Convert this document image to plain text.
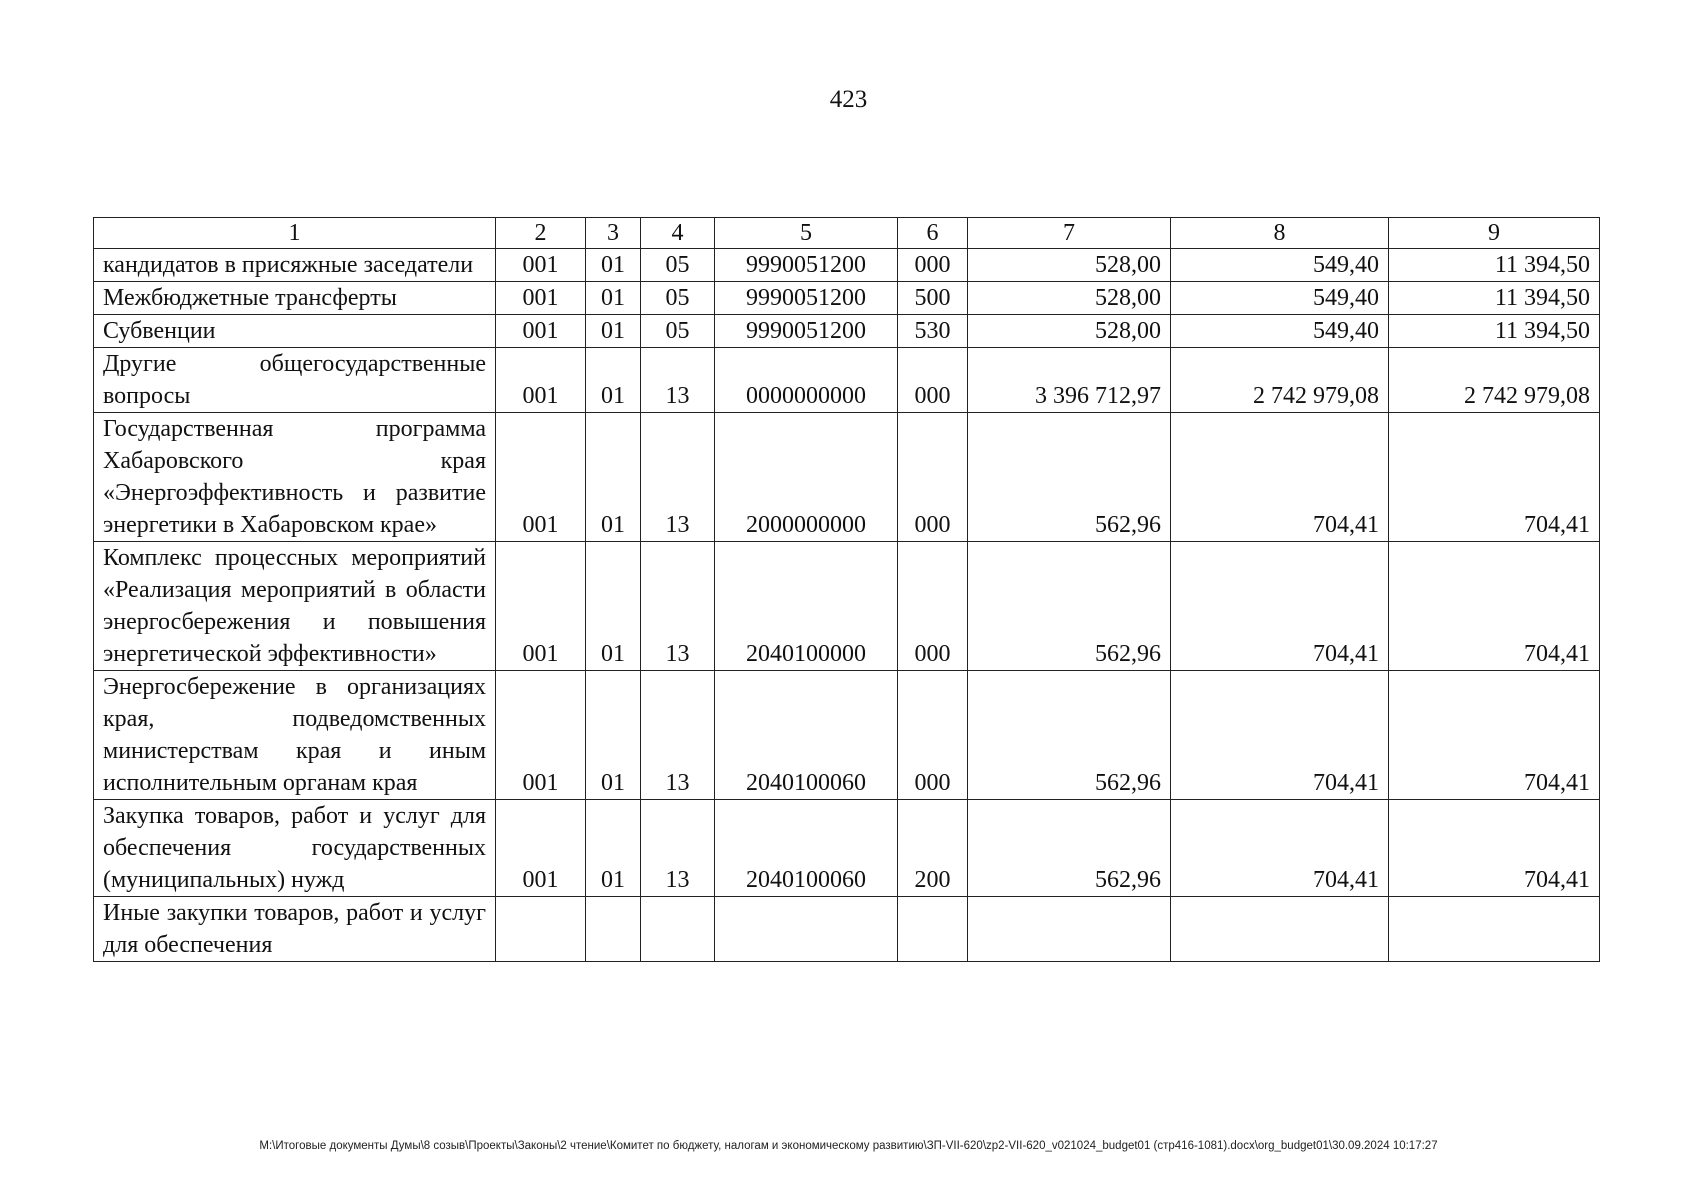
423
1	2	3	4	5	6	7	8	9
кандидатов в присяжные заседатели	001	01	05	9990051200	000	528,00	549,40	11 394,50
Межбюджетные трансферты	001	01	05	9990051200	500	528,00	549,40	11 394,50
Субвенции	001	01	05	9990051200	530	528,00	549,40	11 394,50
Другие общегосударственные вопросы	001	01	13	0000000000	000	3 396 712,97	2 742 979,08	2 742 979,08
Государственная программа Хабаровского края «Энергоэффективность и развитие энергетики в Хабаровском крае»	001	01	13	2000000000	000	562,96	704,41	704,41
Комплекс процессных мероприятий «Реализация мероприятий в области энергосбережения и повышения энергетической эффективности»	001	01	13	2040100000	000	562,96	704,41	704,41
Энергосбережение в организациях края, подведомственных министерствам края и иным исполнительным органам края	001	01	13	2040100060	000	562,96	704,41	704,41
Закупка товаров, работ и услуг для обеспечения государственных (муниципальных) нужд	001	01	13	2040100060	200	562,96	704,41	704,41
Иные закупки товаров, работ и услуг для обеспечения								
M:\Итоговые документы Думы\8 созыв\Проекты\Законы\2 чтение\Комитет по бюджету, налогам и экономическому развитию\ЗП-VII-620\zp2-VII-620_v021024_budget01 (стр416-1081).docx\org_budget01\30.09.2024 10:17:27
